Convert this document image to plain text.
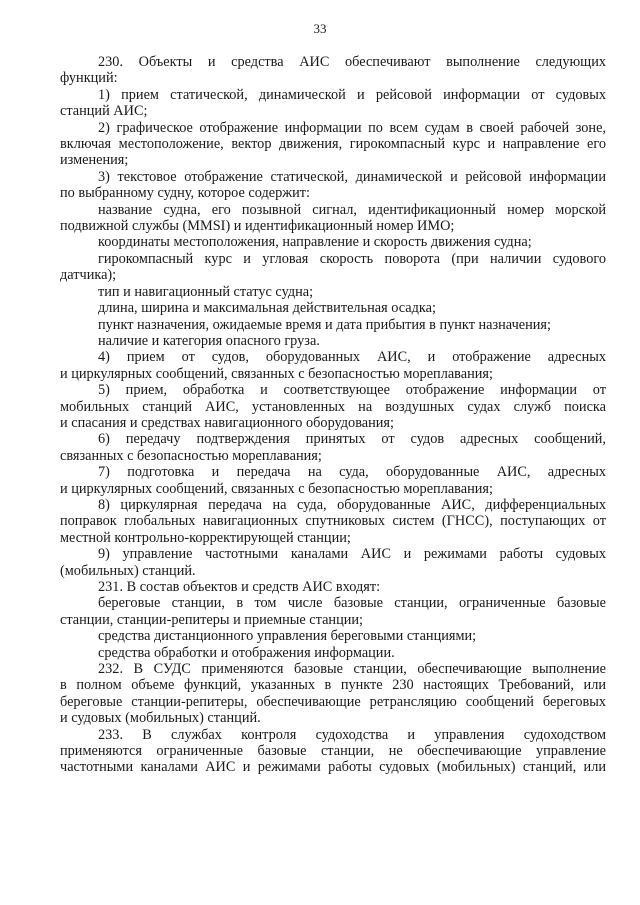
33
230. Объекты и средства АИС обеспечивают выполнение следующих
функций:
1) прием статической, динамической и рейсовой информации от судовых
станций АИС;
2) графическое отображение информации по всем судам в своей рабочей зоне,
включая местоположение, вектор движения, гирокомпасный курс и направление его
изменения;
3) текстовое отображение статической, динамической и рейсовой информации
по выбранному судну, которое содержит:
название судна, его позывной сигнал, идентификационный номер морской
подвижной службы (MMSI) и идентификационный номер ИМО;
координаты местоположения, направление и скорость движения судна;
гирокомпасный курс и угловая скорость поворота (при наличии судового
датчика);
тип и навигационный статус судна;
длина, ширина и максимальная действительная осадка;
пункт назначения, ожидаемые время и дата прибытия в пункт назначения;
наличие и категория опасного груза.
4) прием от судов, оборудованных АИС, и отображение адресных
и циркулярных сообщений, связанных с безопасностью мореплавания;
5) прием, обработка и соответствующее отображение информации от
мобильных станций АИС, установленных на воздушных судах служб поиска
и спасания и средствах навигационного оборудования;
6) передачу подтверждения принятых от судов адресных сообщений,
связанных с безопасностью мореплавания;
7) подготовка и передача на суда, оборудованные АИС, адресных
и циркулярных сообщений, связанных с безопасностью мореплавания;
8) циркулярная передача на суда, оборудованные АИС, дифференциальных
поправок глобальных навигационных спутниковых систем (ГНСС), поступающих от
местной контрольно-корректирующей станции;
9) управление частотными каналами АИС и режимами работы судовых
(мобильных) станций.
231. В состав объектов и средств АИС входят:
береговые станции, в том числе базовые станции, ограниченные базовые
станции, станции-репитеры и приемные станции;
средства дистанционного управления береговыми станциями;
средства обработки и отображения информации.
232. В СУДС применяются базовые станции, обеспечивающие выполнение
в полном объеме функций, указанных в пункте 230 настоящих Требований, или
береговые станции-репитеры, обеспечивающие ретрансляцию сообщений береговых
и судовых (мобильных) станций.
233. В службах контроля судоходства и управления судоходством
применяются ограниченные базовые станции, не обеспечивающие управление
частотными каналами АИС и режимами работы судовых (мобильных) станций, или
